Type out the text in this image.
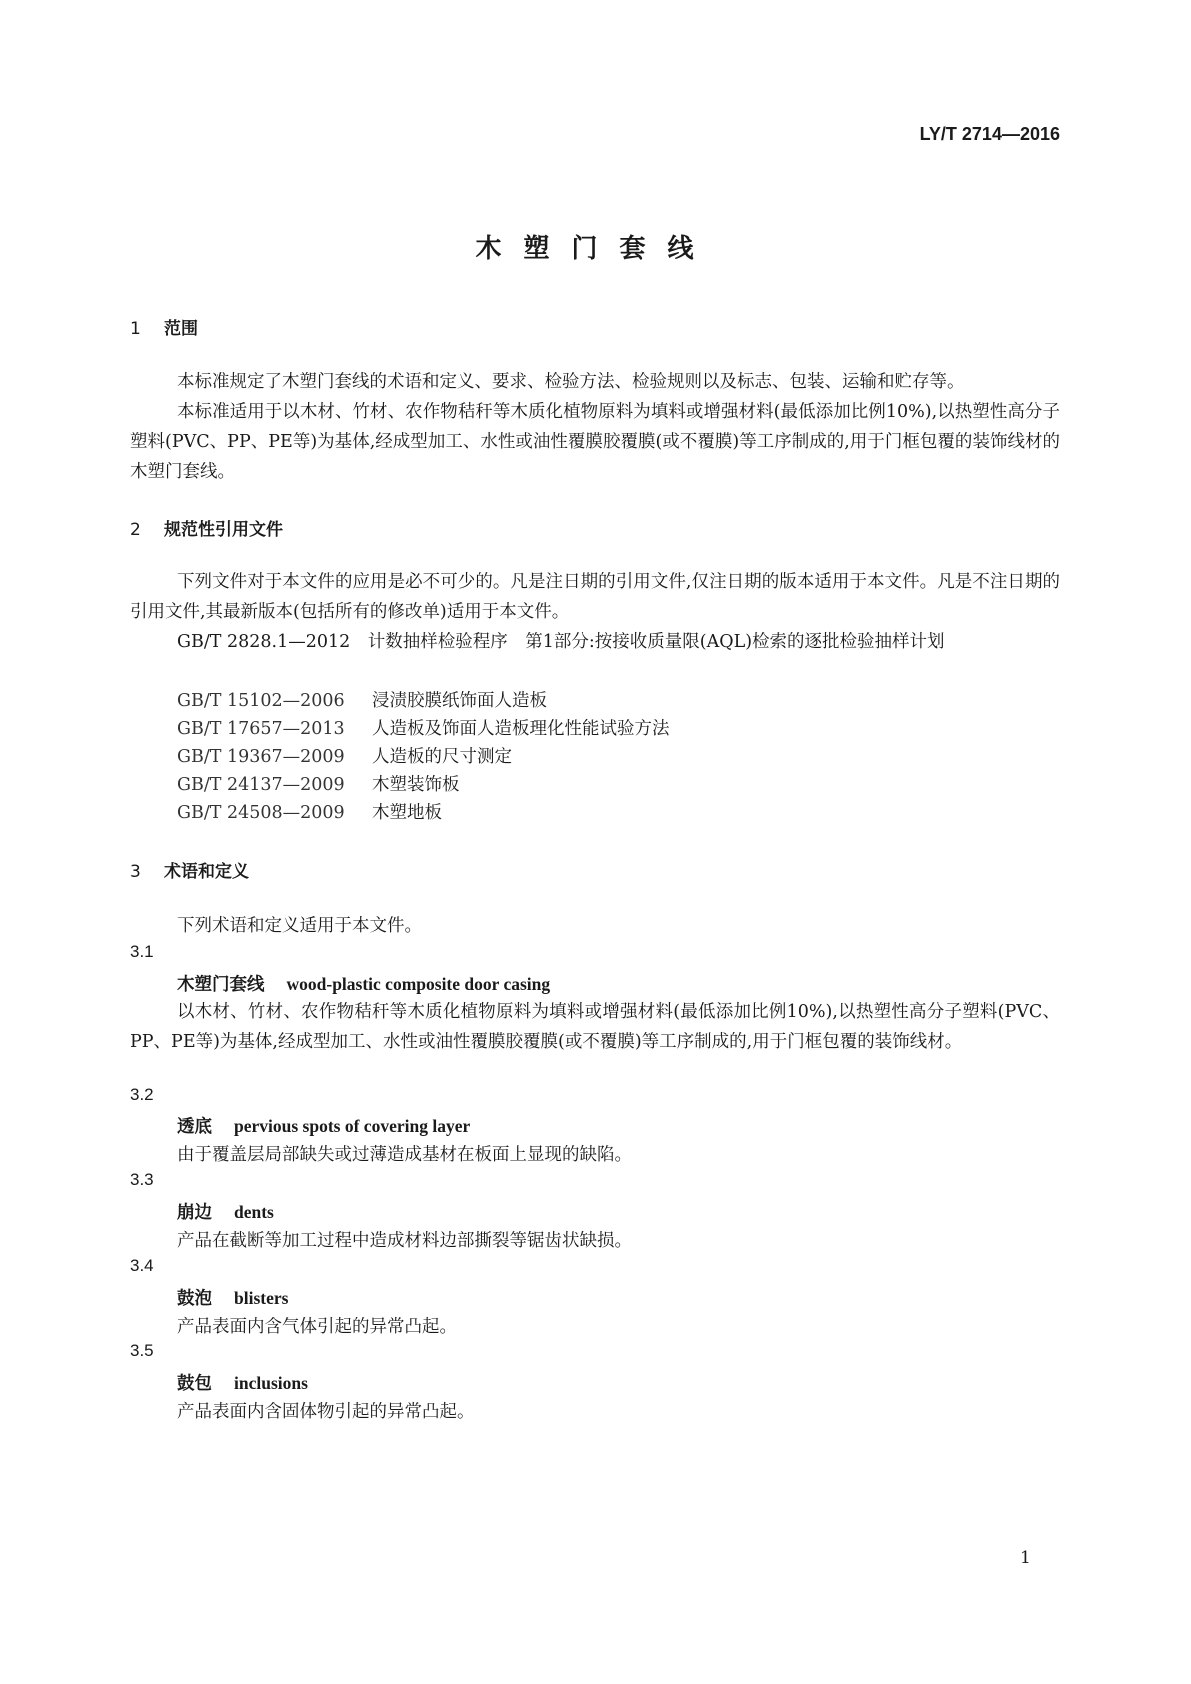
LY/T 2714—2016
木塑门套线
1 范围
本标准规定了木塑门套线的术语和定义、要求、检验方法、检验规则以及标志、包装、运输和贮存等。
本标准适用于以木材、竹材、农作物秸秆等木质化植物原料为填料或增强材料(最低添加比例10%),以热塑性高分子塑料(PVC、PP、PE等)为基体,经成型加工、水性或油性覆膜胶覆膜(或不覆膜)等工序制成的,用于门框包覆的装饰线材的木塑门套线。
2 规范性引用文件
下列文件对于本文件的应用是必不可少的。凡是注日期的引用文件,仅注日期的版本适用于本文件。凡是不注日期的引用文件,其最新版本(包括所有的修改单)适用于本文件。
GB/T 2828.1—2012　计数抽样检验程序　第1部分:按接收质量限(AQL)检索的逐批检验抽样计划
GB/T 15102—2006 浸渍胶膜纸饰面人造板
GB/T 17657—2013 人造板及饰面人造板理化性能试验方法
GB/T 19367—2009 人造板的尺寸测定
GB/T 24137—2009 木塑装饰板
GB/T 24508—2009 木塑地板
3 术语和定义
下列术语和定义适用于本文件。
3.1
木塑门套线 wood-plastic composite door casing
以木材、竹材、农作物秸秆等木质化植物原料为填料或增强材料(最低添加比例10%),以热塑性高分子塑料(PVC、PP、PE等)为基体,经成型加工、水性或油性覆膜胶覆膜(或不覆膜)等工序制成的,用于门框包覆的装饰线材。
3.2
透底 pervious spots of covering layer
由于覆盖层局部缺失或过薄造成基材在板面上显现的缺陷。
3.3
崩边 dents
产品在截断等加工过程中造成材料边部撕裂等锯齿状缺损。
3.4
鼓泡 blisters
产品表面内含气体引起的异常凸起。
3.5
鼓包 inclusions
产品表面内含固体物引起的异常凸起。
1
